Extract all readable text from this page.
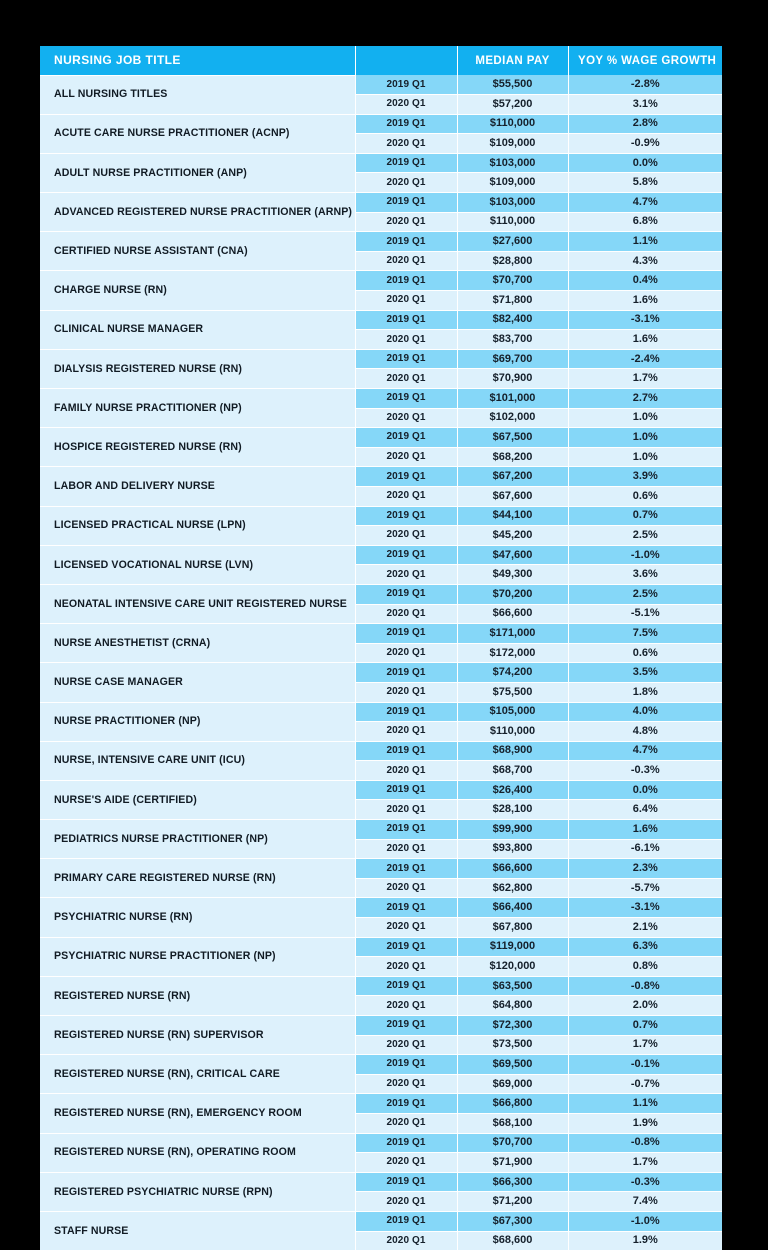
NURSING JOB TITLE		MEDIAN PAY	YOY % WAGE GROWTH
ALL NURSING TITLES	2019 Q1	$55,500	-2.8%
	2020 Q1	$57,200	3.1%
ACUTE CARE NURSE PRACTITIONER (ACNP)	2019 Q1	$110,000	2.8%
	2020 Q1	$109,000	-0.9%
ADULT NURSE PRACTITIONER (ANP)	2019 Q1	$103,000	0.0%
	2020 Q1	$109,000	5.8%
ADVANCED REGISTERED NURSE PRACTITIONER (ARNP)	2019 Q1	$103,000	4.7%
	2020 Q1	$110,000	6.8%
CERTIFIED NURSE ASSISTANT (CNA)	2019 Q1	$27,600	1.1%
	2020 Q1	$28,800	4.3%
CHARGE NURSE (RN)	2019 Q1	$70,700	0.4%
	2020 Q1	$71,800	1.6%
CLINICAL NURSE MANAGER	2019 Q1	$82,400	-3.1%
	2020 Q1	$83,700	1.6%
DIALYSIS REGISTERED NURSE (RN)	2019 Q1	$69,700	-2.4%
	2020 Q1	$70,900	1.7%
FAMILY NURSE PRACTITIONER (NP)	2019 Q1	$101,000	2.7%
	2020 Q1	$102,000	1.0%
HOSPICE REGISTERED NURSE (RN)	2019 Q1	$67,500	1.0%
	2020 Q1	$68,200	1.0%
LABOR AND DELIVERY NURSE	2019 Q1	$67,200	3.9%
	2020 Q1	$67,600	0.6%
LICENSED PRACTICAL NURSE (LPN)	2019 Q1	$44,100	0.7%
	2020 Q1	$45,200	2.5%
LICENSED VOCATIONAL NURSE (LVN)	2019 Q1	$47,600	-1.0%
	2020 Q1	$49,300	3.6%
NEONATAL INTENSIVE CARE UNIT REGISTERED NURSE	2019 Q1	$70,200	2.5%
	2020 Q1	$66,600	-5.1%
NURSE ANESTHETIST (CRNA)	2019 Q1	$171,000	7.5%
	2020 Q1	$172,000	0.6%
NURSE CASE MANAGER	2019 Q1	$74,200	3.5%
	2020 Q1	$75,500	1.8%
NURSE PRACTITIONER (NP)	2019 Q1	$105,000	4.0%
	2020 Q1	$110,000	4.8%
NURSE, INTENSIVE CARE UNIT (ICU)	2019 Q1	$68,900	4.7%
	2020 Q1	$68,700	-0.3%
NURSE'S AIDE (CERTIFIED)	2019 Q1	$26,400	0.0%
	2020 Q1	$28,100	6.4%
PEDIATRICS NURSE PRACTITIONER (NP)	2019 Q1	$99,900	1.6%
	2020 Q1	$93,800	-6.1%
PRIMARY CARE REGISTERED NURSE (RN)	2019 Q1	$66,600	2.3%
	2020 Q1	$62,800	-5.7%
PSYCHIATRIC NURSE (RN)	2019 Q1	$66,400	-3.1%
	2020 Q1	$67,800	2.1%
PSYCHIATRIC NURSE PRACTITIONER (NP)	2019 Q1	$119,000	6.3%
	2020 Q1	$120,000	0.8%
REGISTERED NURSE (RN)	2019 Q1	$63,500	-0.8%
	2020 Q1	$64,800	2.0%
REGISTERED NURSE (RN) SUPERVISOR	2019 Q1	$72,300	0.7%
	2020 Q1	$73,500	1.7%
REGISTERED NURSE (RN), CRITICAL CARE	2019 Q1	$69,500	-0.1%
	2020 Q1	$69,000	-0.7%
REGISTERED NURSE (RN), EMERGENCY ROOM	2019 Q1	$66,800	1.1%
	2020 Q1	$68,100	1.9%
REGISTERED NURSE (RN), OPERATING ROOM	2019 Q1	$70,700	-0.8%
	2020 Q1	$71,900	1.7%
REGISTERED PSYCHIATRIC NURSE (RPN)	2019 Q1	$66,300	-0.3%
	2020 Q1	$71,200	7.4%
STAFF NURSE	2019 Q1	$67,300	-1.0%
	2020 Q1	$68,600	1.9%
